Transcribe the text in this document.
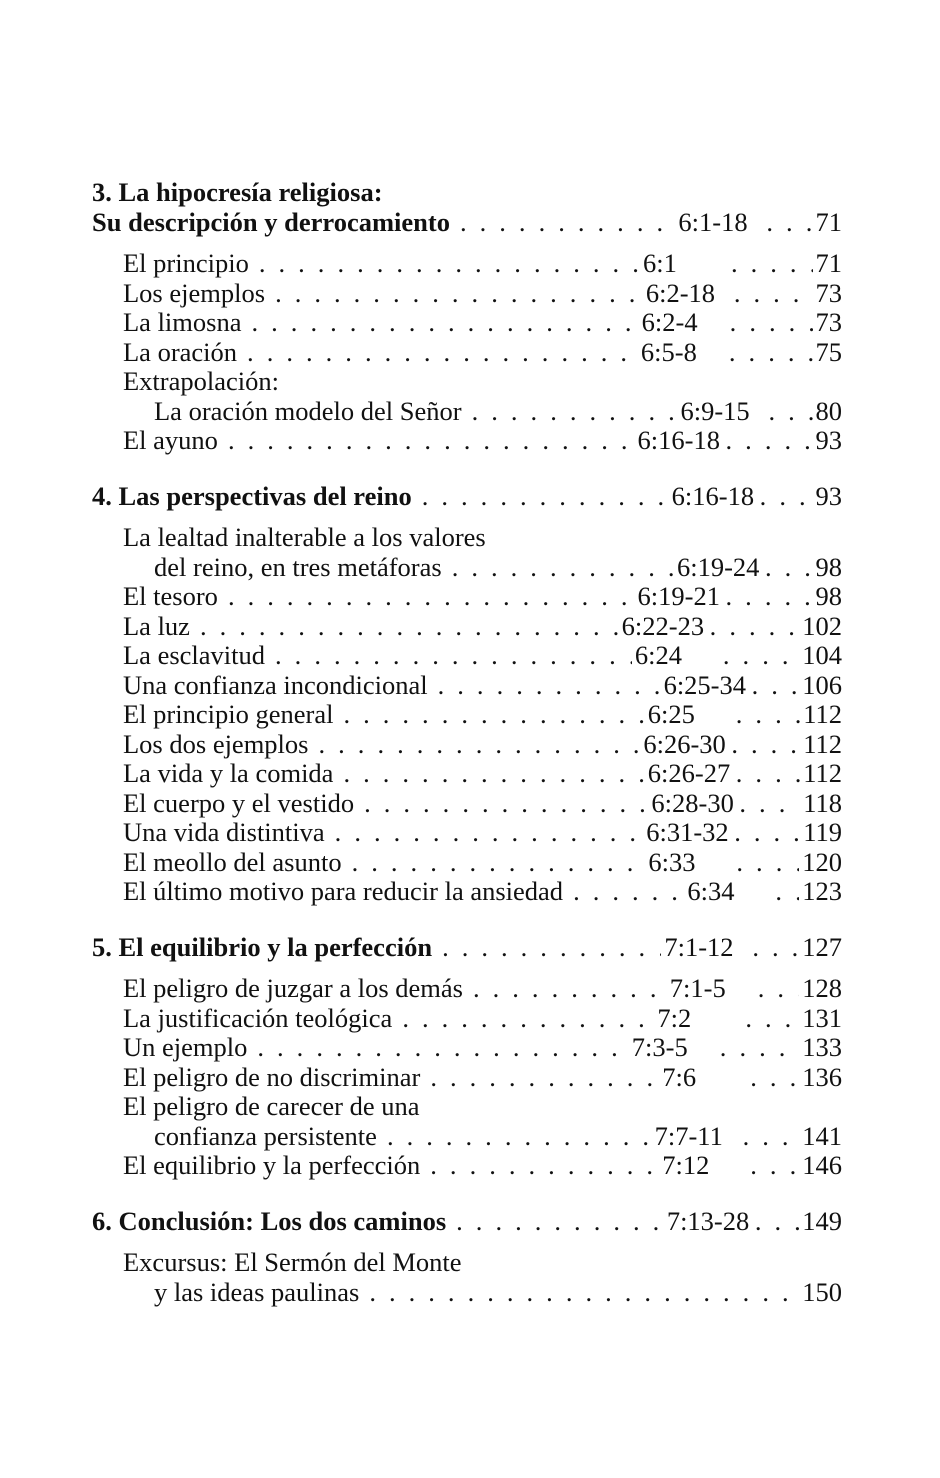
3. La hipocresía religiosa:
Su descripción y derrocamiento . . .	6:1-18 . . .	71
El principio . . .	6:1 . . .	71
Los ejemplos . . .	6:2-18 . . .	73
La limosna . . .	6:2-4 . . .	73
La oración . . .	6:5-8 . . .	75
Extrapolación:
La oración modelo del Señor . . .	6:9-15 . . .	80
El ayuno . . .	6:16-18 . . .	93
4. Las perspectivas del reino . . .	6:16-18 . . . 93
La lealtad inalterable a los valores
del reino, en tres metáforas . . .	6:19-24 . . . 98
El tesoro . . .	6:19-21 . . .	98
La luz . . .	6:22-23 . . .	102
La esclavitud . . .	6:24 . . .	104
Una confianza incondicional . . .	6:25-34 . . . 106
El principio general . . .	6:25 . . .	112
Los dos ejemplos . . .	6:26-30 . . .	112
La vida y la comida . . .	6:26-27 . . .	112
El cuerpo y el vestido . . .	6:28-30 . . .	118
Una vida distintiva . . .	6:31-32 . . .	119
El meollo del asunto . . .	6:33 . . .	120
El último motivo para reducir la ansiedad . . .	6:34 . . .	123
5. El equilibrio y la perfección . . .	7:1-12 . . .	127
El peligro de juzgar a los demás . . .	7:1-5 . . .	128
La justificación teológica . . .	7:2 . . .	131
Un ejemplo . . .	7:3-5 . . .	133
El peligro de no discriminar . . .	7:6 . . .	136
El peligro de carecer de una
confianza persistente . . .	7:7-11 . . .	141
El equilibrio y la perfección . . .	7:12 . . .	146
6. Conclusión: Los dos caminos . . .	7:13-28 . . . 149
Excursus: El Sermón del Monte
y las ideas paulinas . . .	150
